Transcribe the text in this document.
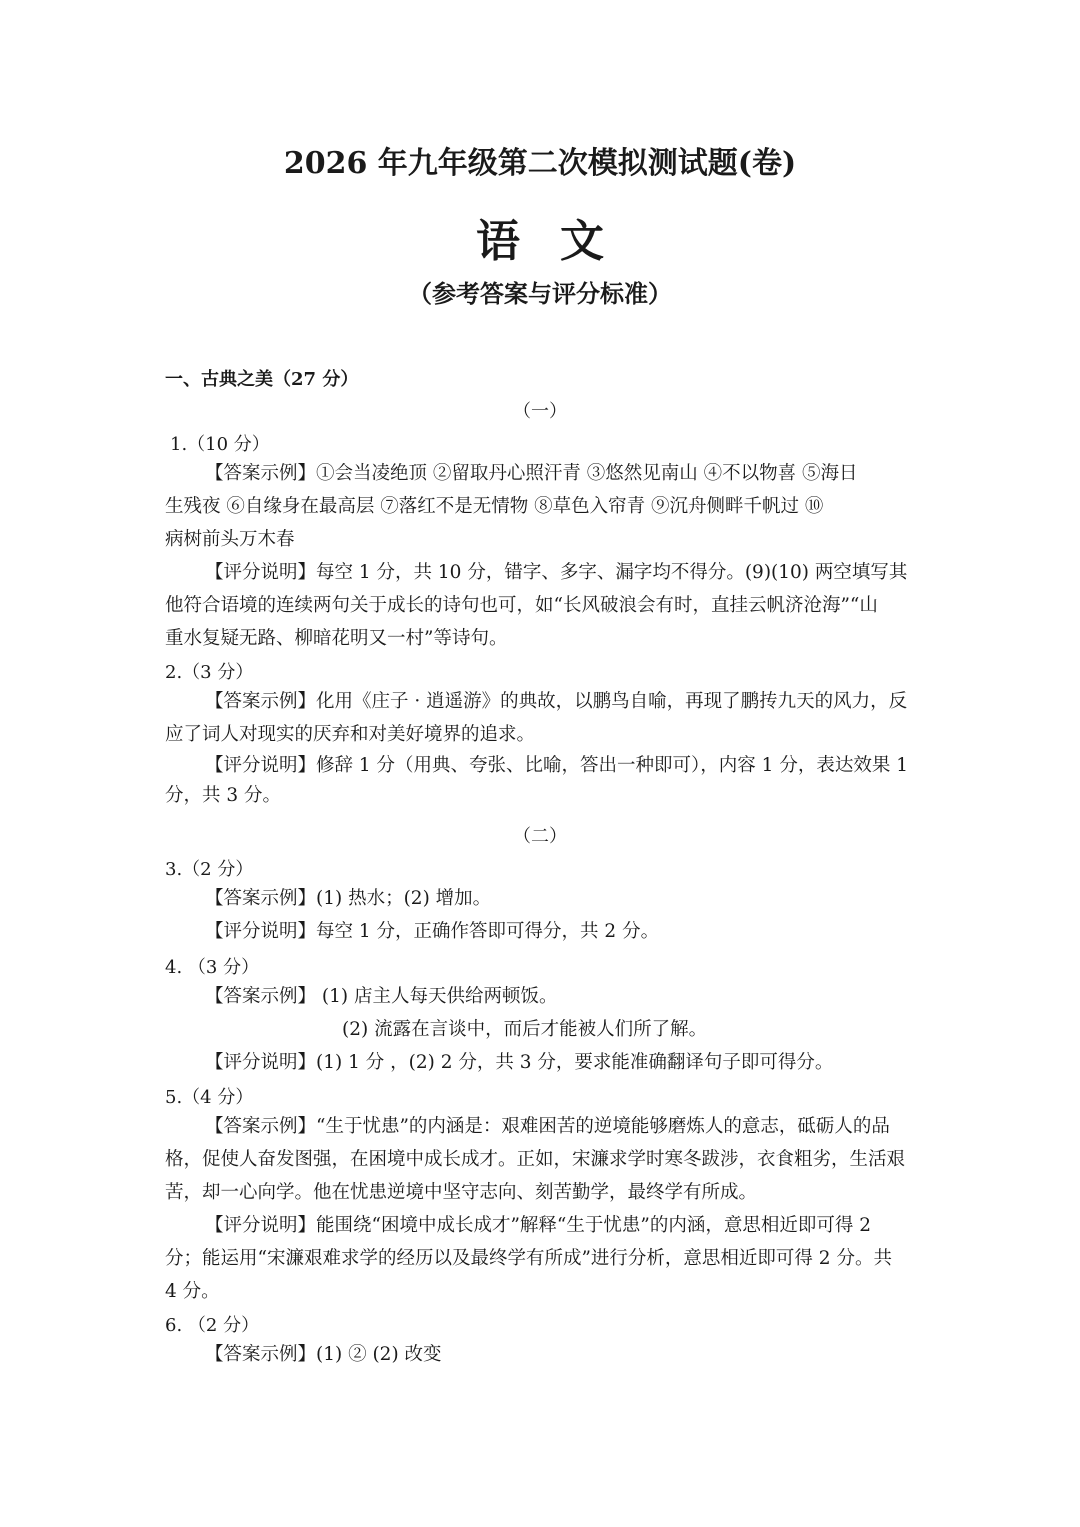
2026 年九年级第二次模拟测试题(卷)
语文
（参考答案与评分标准）
一、古典之美（27 分）
（一）
1.（10 分）
【答案示例】①会当凌绝顶 ②留取丹心照汗青 ③悠然见南山 ④不以物喜 ⑤海日
生残夜 ⑥自缘身在最高层 ⑦落红不是无情物 ⑧草色入帘青 ⑨沉舟侧畔千帆过 ⑩
病树前头万木春
【评分说明】每空 1 分，共 10 分，错字、多字、漏字均不得分。(9)(10) 两空填写其
他符合语境的连续两句关于成长的诗句也可，如“长风破浪会有时，直挂云帆济沧海”“山
重水复疑无路、柳暗花明又一村”等诗句。
2.（3 分）
【答案示例】化用《庄子 · 逍遥游》的典故，以鹏鸟自喻，再现了鹏抟九天的风力，反
应了词人对现实的厌弃和对美好境界的追求。
【评分说明】修辞 1 分（用典、夸张、比喻，答出一种即可），内容 1 分，表达效果 1
分，共 3 分。
（二）
3.（2 分）
【答案示例】(1) 热水；(2) 增加。
【评分说明】每空 1 分，正确作答即可得分，共 2 分。
4. （3 分）
【答案示例】 (1) 店主人每天供给两顿饭。
(2) 流露在言谈中，而后才能被人们所了解。
【评分说明】(1) 1 分 ，(2) 2 分，共 3 分，要求能准确翻译句子即可得分。
5.（4 分）
【答案示例】“生于忧患”的内涵是：艰难困苦的逆境能够磨炼人的意志，砥砺人的品
格，促使人奋发图强，在困境中成长成才。正如，宋濂求学时寒冬跋涉，衣食粗劣，生活艰
苦，却一心向学。他在忧患逆境中坚守志向、刻苦勤学，最终学有所成。
【评分说明】能围绕“困境中成长成才”解释“生于忧患”的内涵，意思相近即可得 2
分；能运用“宋濂艰难求学的经历以及最终学有所成”进行分析，意思相近即可得 2 分。共
4 分。
6. （2 分）
【答案示例】(1) ② (2) 改变
